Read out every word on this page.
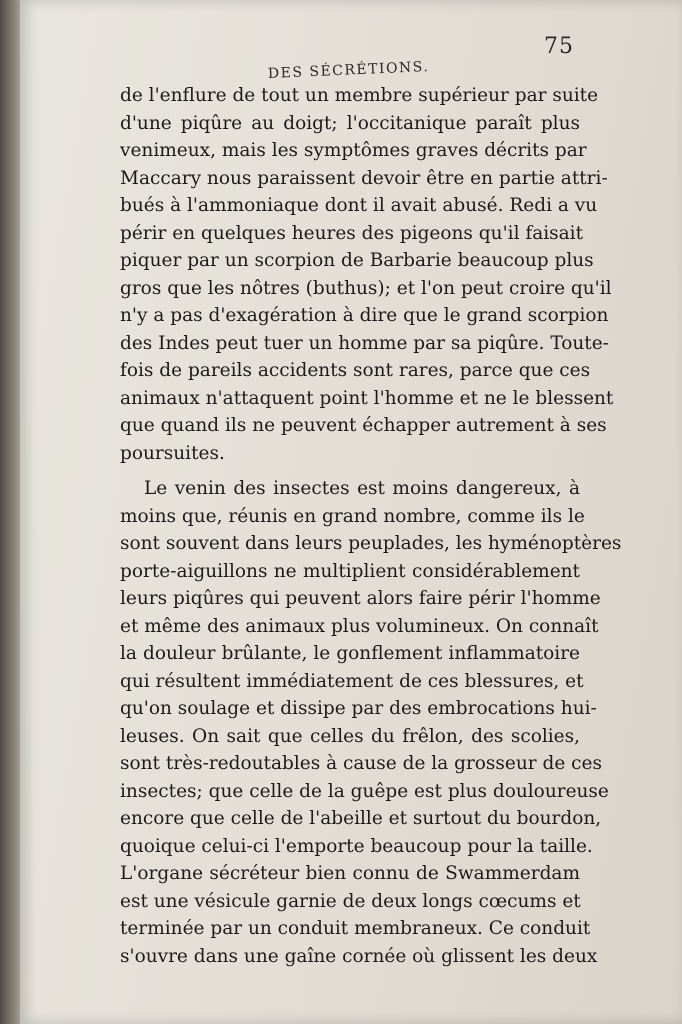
75
DES SÉCRÉTIONS.
de l'enflure de tout un membre supérieur par suite
d'une piqûre au doigt; l'occitanique paraît plus
venimeux, mais les symptômes graves décrits par
Maccary nous paraissent devoir être en partie attri-
bués à l'ammoniaque dont il avait abusé. Redi a vu
périr en quelques heures des pigeons qu'il faisait
piquer par un scorpion de Barbarie beaucoup plus
gros que les nôtres (buthus); et l'on peut croire qu'il
n'y a pas d'exagération à dire que le grand scorpion
des Indes peut tuer un homme par sa piqûre. Toute-
fois de pareils accidents sont rares, parce que ces
animaux n'attaquent point l'homme et ne le blessent
que quand ils ne peuvent échapper autrement à ses
poursuites.
Le venin des insectes est moins dangereux, à
moins que, réunis en grand nombre, comme ils le
sont souvent dans leurs peuplades, les hyménoptères
porte-aiguillons ne multiplient considérablement
leurs piqûres qui peuvent alors faire périr l'homme
et même des animaux plus volumineux. On connaît
la douleur brûlante, le gonflement inflammatoire
qui résultent immédiatement de ces blessures, et
qu'on soulage et dissipe par des embrocations hui-
leuses. On sait que celles du frêlon, des scolies,
sont très-redoutables à cause de la grosseur de ces
insectes; que celle de la guêpe est plus douloureuse
encore que celle de l'abeille et surtout du bourdon,
quoique celui-ci l'emporte beaucoup pour la taille.
L'organe sécréteur bien connu de Swammerdam
est une vésicule garnie de deux longs cœcums et
terminée par un conduit membraneux. Ce conduit
s'ouvre dans une gaîne cornée où glissent les deux
